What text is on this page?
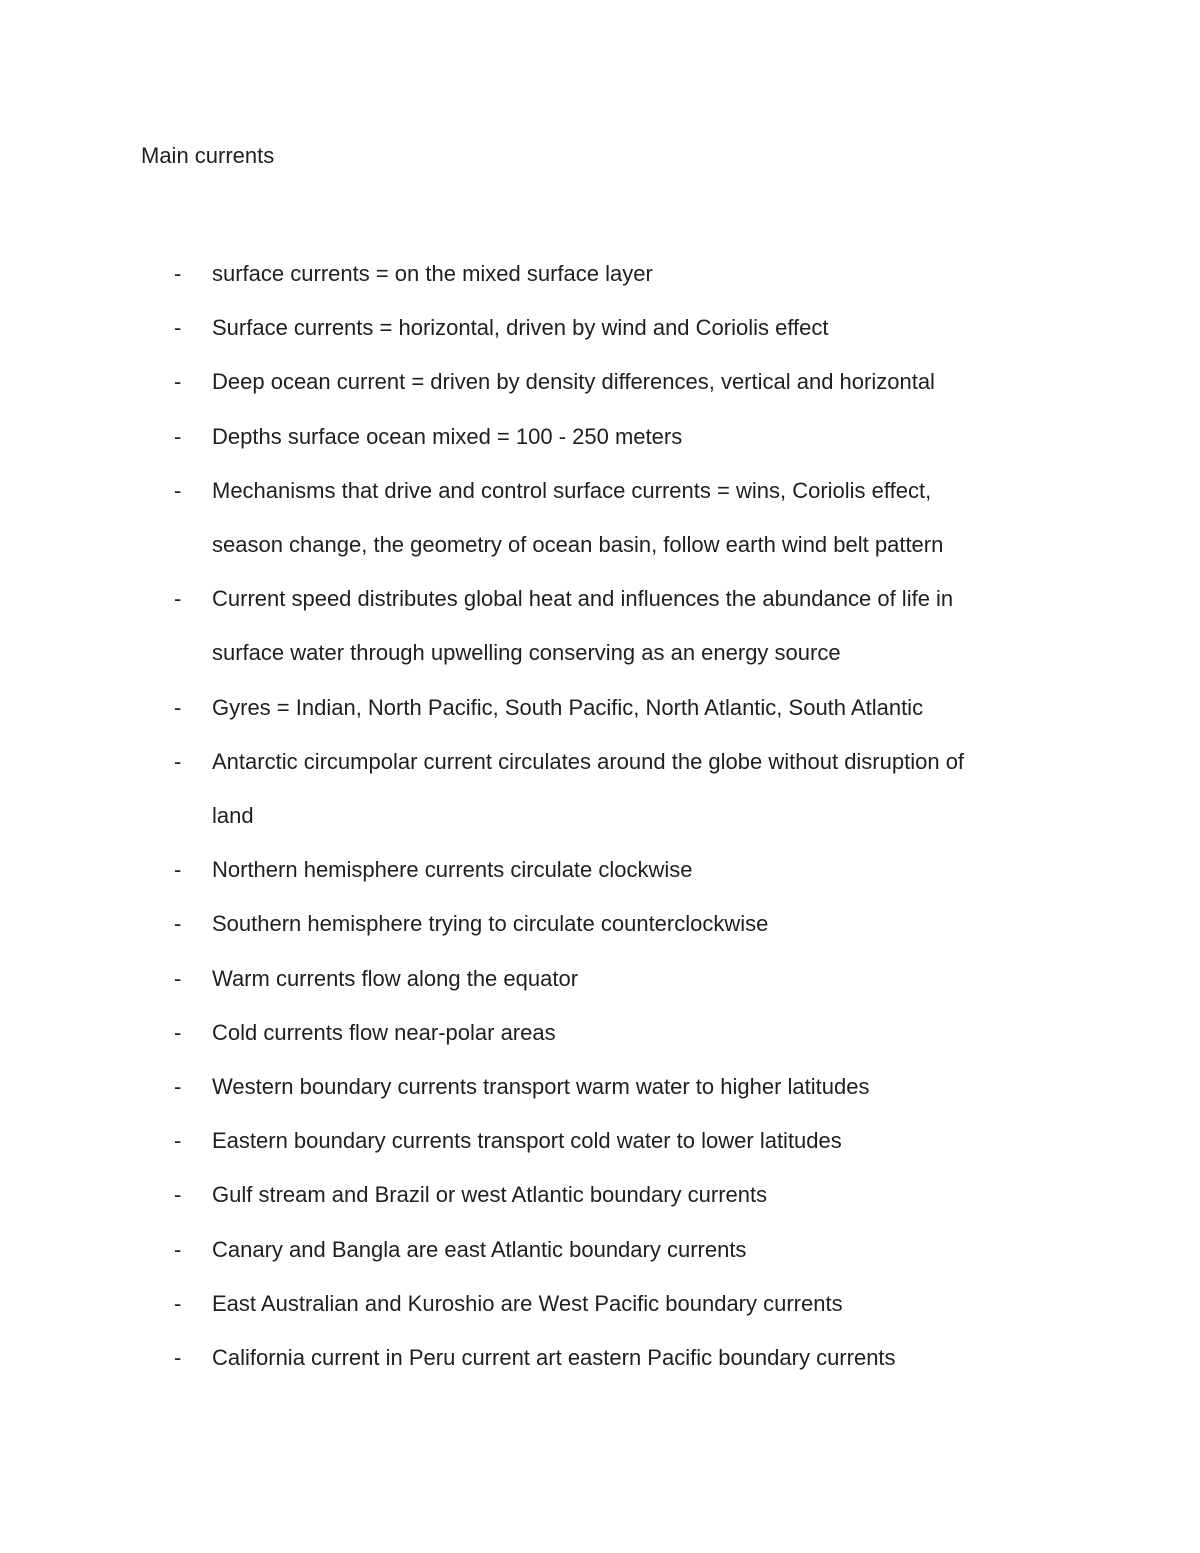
Main currents
- surface currents = on the mixed surface layer
- Surface currents = horizontal, driven by wind and Coriolis effect
- Deep ocean current = driven by density differences, vertical and horizontal
- Depths surface ocean mixed = 100 - 250 meters
- Mechanisms that drive and control surface currents = wins, Coriolis effect,
season change, the geometry of ocean basin, follow earth wind belt pattern
- Current speed distributes global heat and influences the abundance of life in
surface water through upwelling conserving as an energy source
- Gyres = Indian, North Pacific, South Pacific, North Atlantic, South Atlantic
- Antarctic circumpolar current circulates around the globe without disruption of
land
- Northern hemisphere currents circulate clockwise
- Southern hemisphere trying to circulate counterclockwise
- Warm currents flow along the equator
- Cold currents flow near-polar areas
- Western boundary currents transport warm water to higher latitudes
- Eastern boundary currents transport cold water to lower latitudes
- Gulf stream and Brazil or west Atlantic boundary currents
- Canary and Bangla are east Atlantic boundary currents
- East Australian and Kuroshio are West Pacific boundary currents
- California current in Peru current art eastern Pacific boundary currents
